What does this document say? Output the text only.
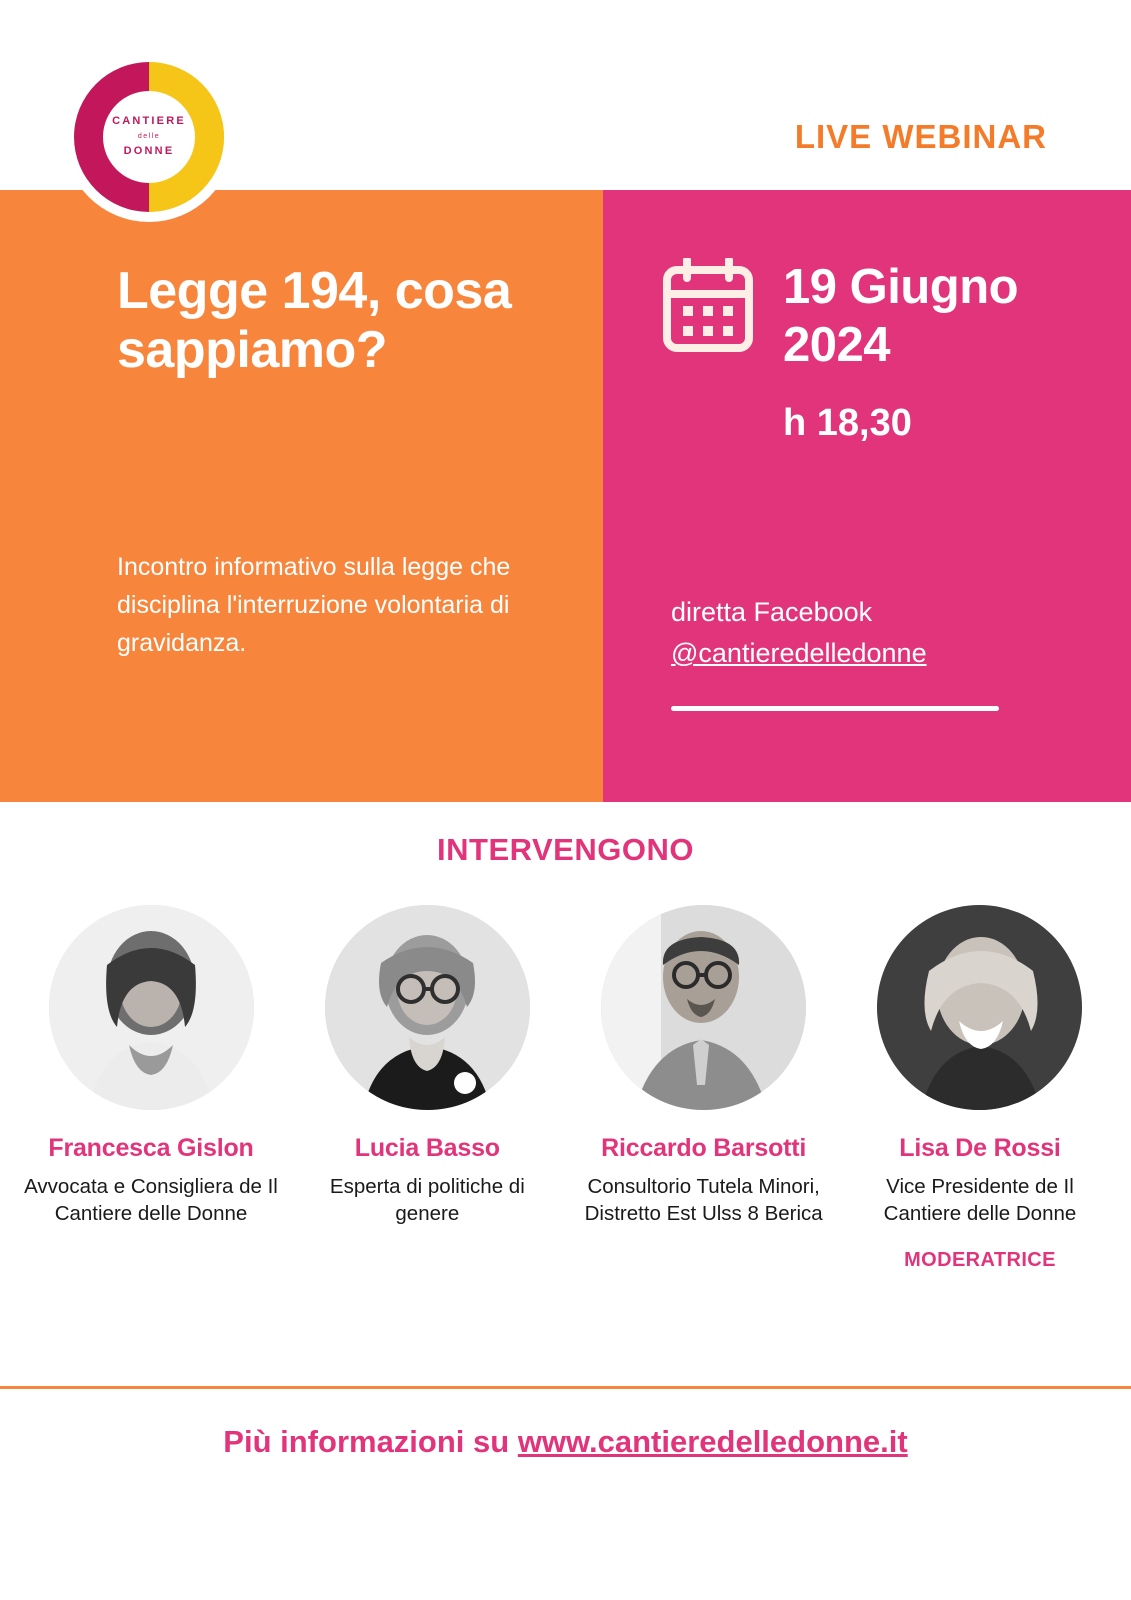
LIVE WEBINAR
CANTIERE
delle
DONNE
Legge 194, cosa sappiamo?
Incontro informativo sulla legge che disciplina l'interruzione volontaria di gravidanza.
19 Giugno 2024
h 18,30
diretta Facebook
@cantieredelledonne
INTERVENGONO
Francesca Gislon
Avvocata e Consigliera de Il Cantiere delle Donne
Lucia Basso
Esperta di politiche di genere
Riccardo Barsotti
Consultorio Tutela Minori, Distretto Est Ulss 8 Berica
Lisa De Rossi
Vice Presidente de Il Cantiere delle Donne
MODERATRICE
Più informazioni su www.cantieredelledonne.it
